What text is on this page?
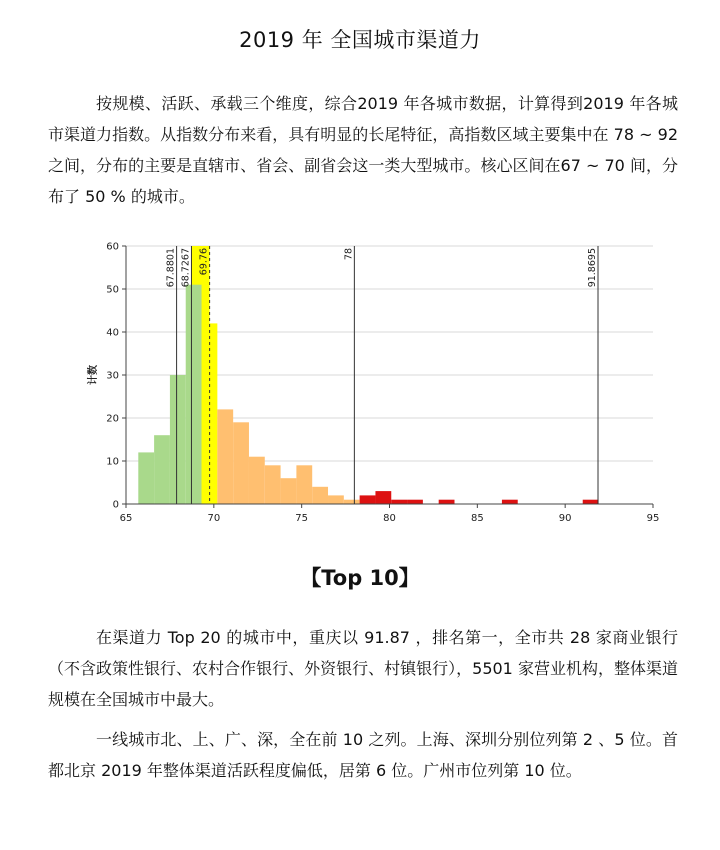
2019 年 全国城市渠道力
按规模、活跃、承载三个维度，综合2019 年各城市数据，计算得到2019 年各城市渠道力指数。从指数分布来看，具有明显的长尾特征，高指数区域主要集中在 78 ~ 92之间，分布的主要是直辖市、省会、副省会这一类大型城市。核心区间在67 ~ 70 间，分布了 50 % 的城市。
0
10
20
30
40
50
60
65	70	75	80	85	90	95
计数
67.8801 68.7267 69.76	78	91.8695
【Top 10】
在渠道力 Top 20 的城市中，重庆以 91.87 ，排名第一，全市共 28 家商业银行（不含政策性银行、农村合作银行、外资银行、村镇银行），5501 家营业机构，整体渠道规模在全国城市中最大。
一线城市北、上、广、深，全在前 10 之列。上海、深圳分别位列第 2 、5 位。首都北京 2019 年整体渠道活跃程度偏低，居第 6 位。广州市位列第 10 位。
